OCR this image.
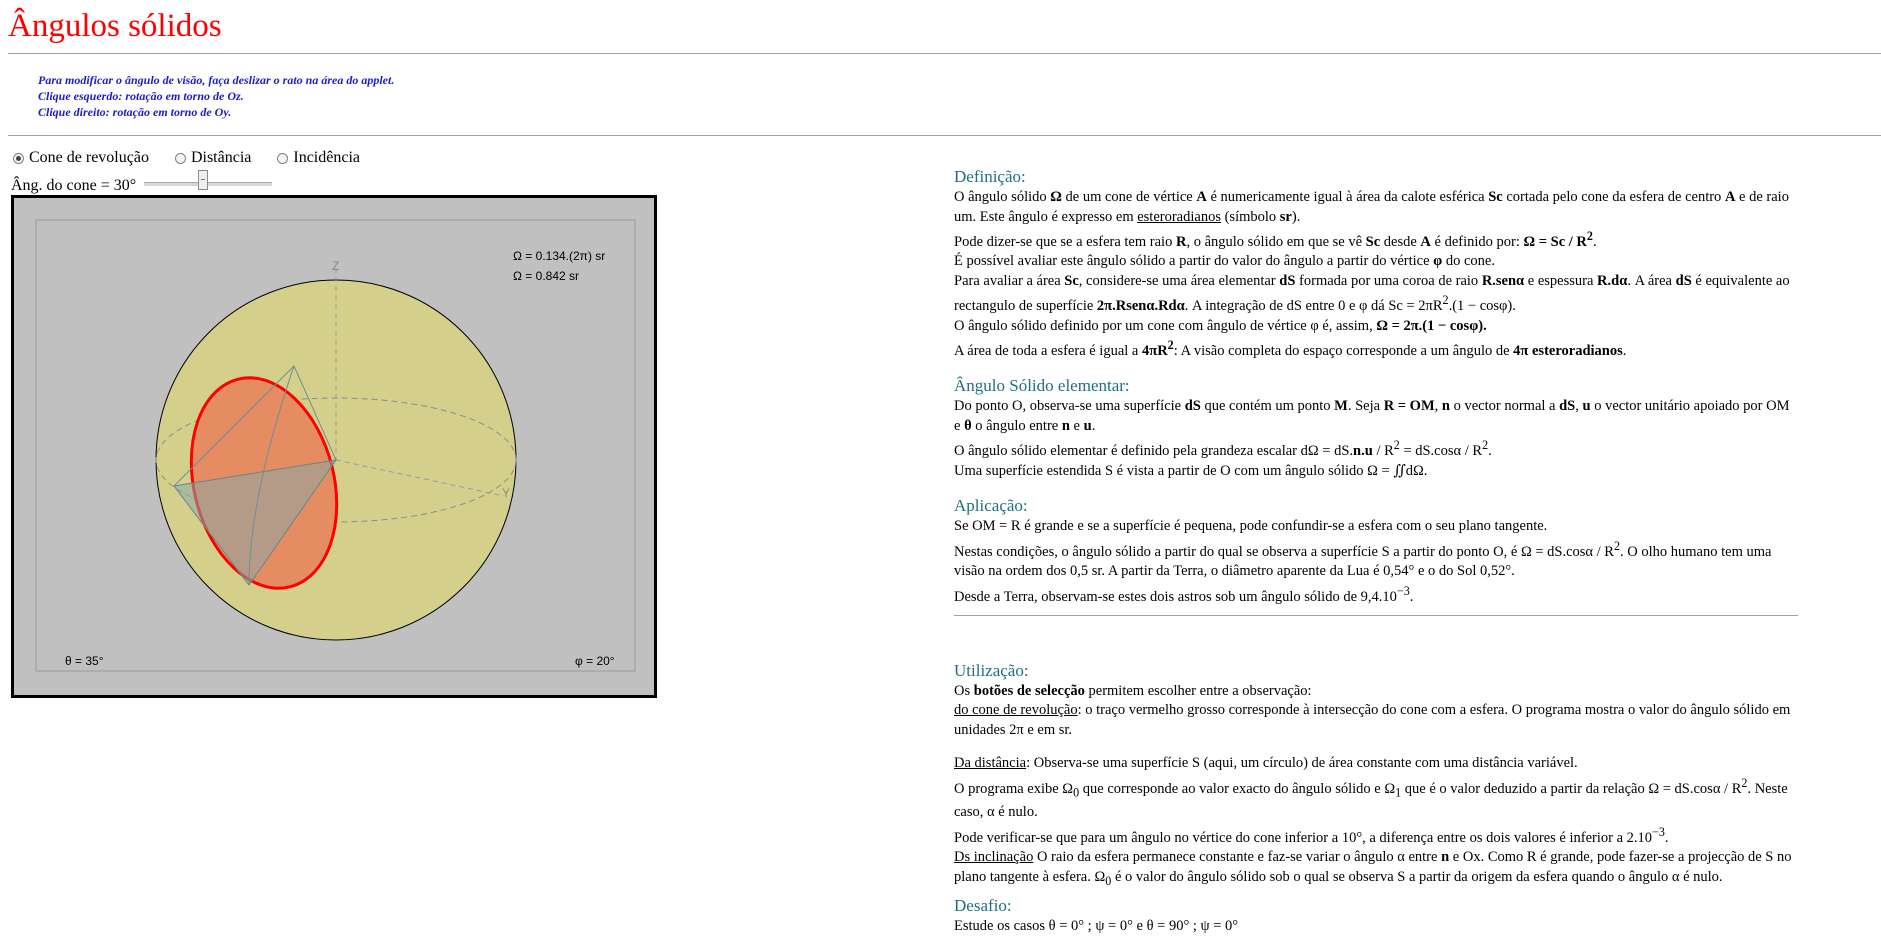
Ângulos sólidos
Para modificar o ângulo de visão, faça deslizar o rato na área do applet.
Clique esquerdo: rotação em torno de Oz.
Clique direito: rotação em torno de Oy.
Cone de revolução
	Distância
	Incidência
Âng. do cone = 30°
Z
Y
Ω = 0.134.(2π) sr
Ω = 0.842 sr
θ = 35°	φ = 20°
Definição:

O ângulo sólido Ω de um cone de vértice A é numericamente igual à área da calote esférica Sc cortada pelo cone da esfera de centro A e de raio um. Este ângulo é expresso em esteroradianos (símbolo sr).

Pode dizer-se que se a esfera tem raio R, o ângulo sólido em que se vê Sc desde A é definido por: $\Omega = Sc / R^2$.

É possível avaliar este ângulo sólido a partir do valor do ângulo a partir do vértice φ do cone.

Para avaliar a área Sc, considere-se uma área elementar dS formada por uma coroa de raio R.senα e espessura R.dα. A área dS é equivalente ao rectangulo de superfície 2π.Rsenα.Rdα. A integração de dS entre 0 e φ dá $Sc = 2\pi R^2.(1 - \cos\varphi)$.

O ângulo sólido definido por um cone com ângulo de vértice φ é, assim, Ω = 2π.(1 − cosφ).

A área de toda a esfera é igual a $4\pi R^2$: A visão completa do espaço corresponde a um ângulo de 4π esteroradianos.

Ângulo Sólido elementar:

Do ponto O, observa-se uma superfície dS que contém um ponto M. Seja R = OM, n o vector normal a dS, u o vector unitário apoiado por OM e θ o ângulo entre n e u.

O ângulo sólido elementar é definido pela grandeza escalar $d\Omega = dS.n.u / R^2 = dS.\cos\alpha / R^2$.

Uma superfície estendida S é vista a partir de O com um ângulo sólido Ω = ∬dΩ.

Aplicação:

Se OM = R é grande e se a superfície é pequena, pode confundir-se a esfera com o seu plano tangente.

Nestas condições, o ângulo sólido a partir do qual se observa a superfície S a partir do ponto O, é $\Omega = dS.\cos\alpha / R^2$. O olho humano tem uma visão na ordem dos 0,5 sr. A partir da Terra, o diâmetro aparente da Lua é 0,54° e o do Sol 0,52°.

Desde a Terra, observam-se estes dois astros sob um ângulo sólido de $9,4.10^{-3}$.

Utilização:

Os botões de selecção permitem escolher entre a observação:

do cone de revolução: o traço vermelho grosso corresponde à intersecção do cone com a esfera. O programa mostra o valor do ângulo sólido em unidades 2π e em sr.

Da distância: Observa-se uma superfície S (aqui, um círculo) de área constante com uma distância variável.

O programa exibe $\Omega_0$ que corresponde ao valor exacto do ângulo sólido e $\Omega_1$ que é o valor deduzido a partir da relação $\Omega = dS.\cos\alpha / R^2$. Neste caso, α é nulo.

Pode verificar-se que para um ângulo no vértice do cone inferior a 10°, a diferença entre os dois valores é inferior a $2.10^{-3}$.

Ds inclinação O raio da esfera permanece constante e faz-se variar o ângulo α entre n e Ox. Como R é grande, pode fazer-se a projecção de S no plano tangente à esfera. $\Omega_0$ é o valor do ângulo sólido sob o qual se observa S a partir da origem da esfera quando o ângulo α é nulo.

Desafio:

Estude os casos θ = 0° ; ψ = 0° e θ = 90° ; ψ = 0°
